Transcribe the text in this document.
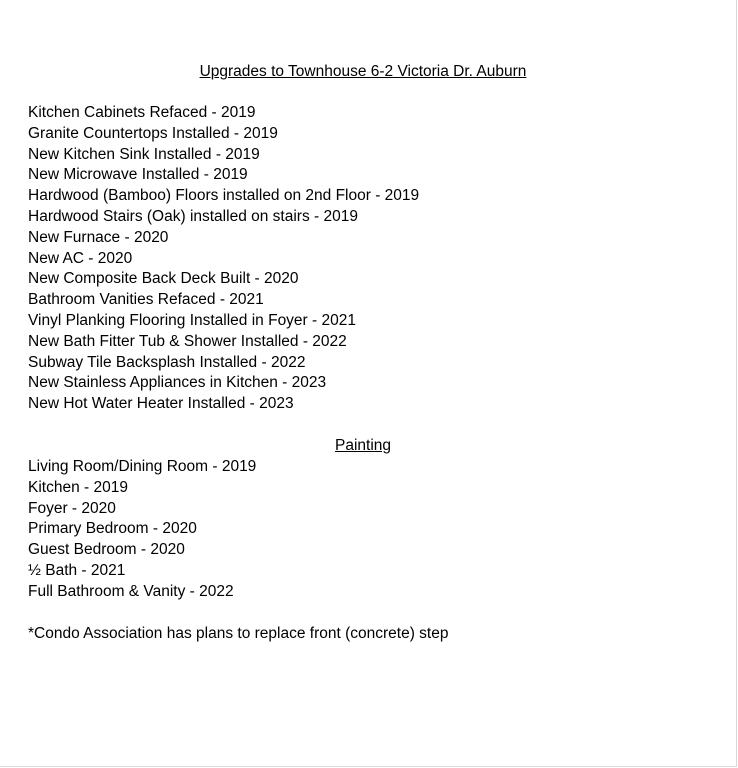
Upgrades to Townhouse 6-2 Victoria Dr. Auburn
Kitchen Cabinets Refaced - 2019
Granite Countertops Installed - 2019
New Kitchen Sink Installed - 2019
New Microwave Installed - 2019
Hardwood (Bamboo) Floors installed on 2nd Floor - 2019
Hardwood Stairs (Oak) installed on stairs - 2019
New Furnace - 2020
New AC - 2020
New Composite Back Deck Built - 2020
Bathroom Vanities Refaced - 2021
Vinyl Planking Flooring Installed in Foyer - 2021
New Bath Fitter Tub & Shower Installed - 2022
Subway Tile Backsplash Installed - 2022
New Stainless Appliances in Kitchen - 2023
New Hot Water Heater Installed - 2023
Painting
Living Room/Dining Room - 2019
Kitchen - 2019
Foyer - 2020
Primary Bedroom - 2020
Guest Bedroom - 2020
½ Bath - 2021
Full Bathroom & Vanity - 2022

*Condo Association has plans to replace front (concrete) step
